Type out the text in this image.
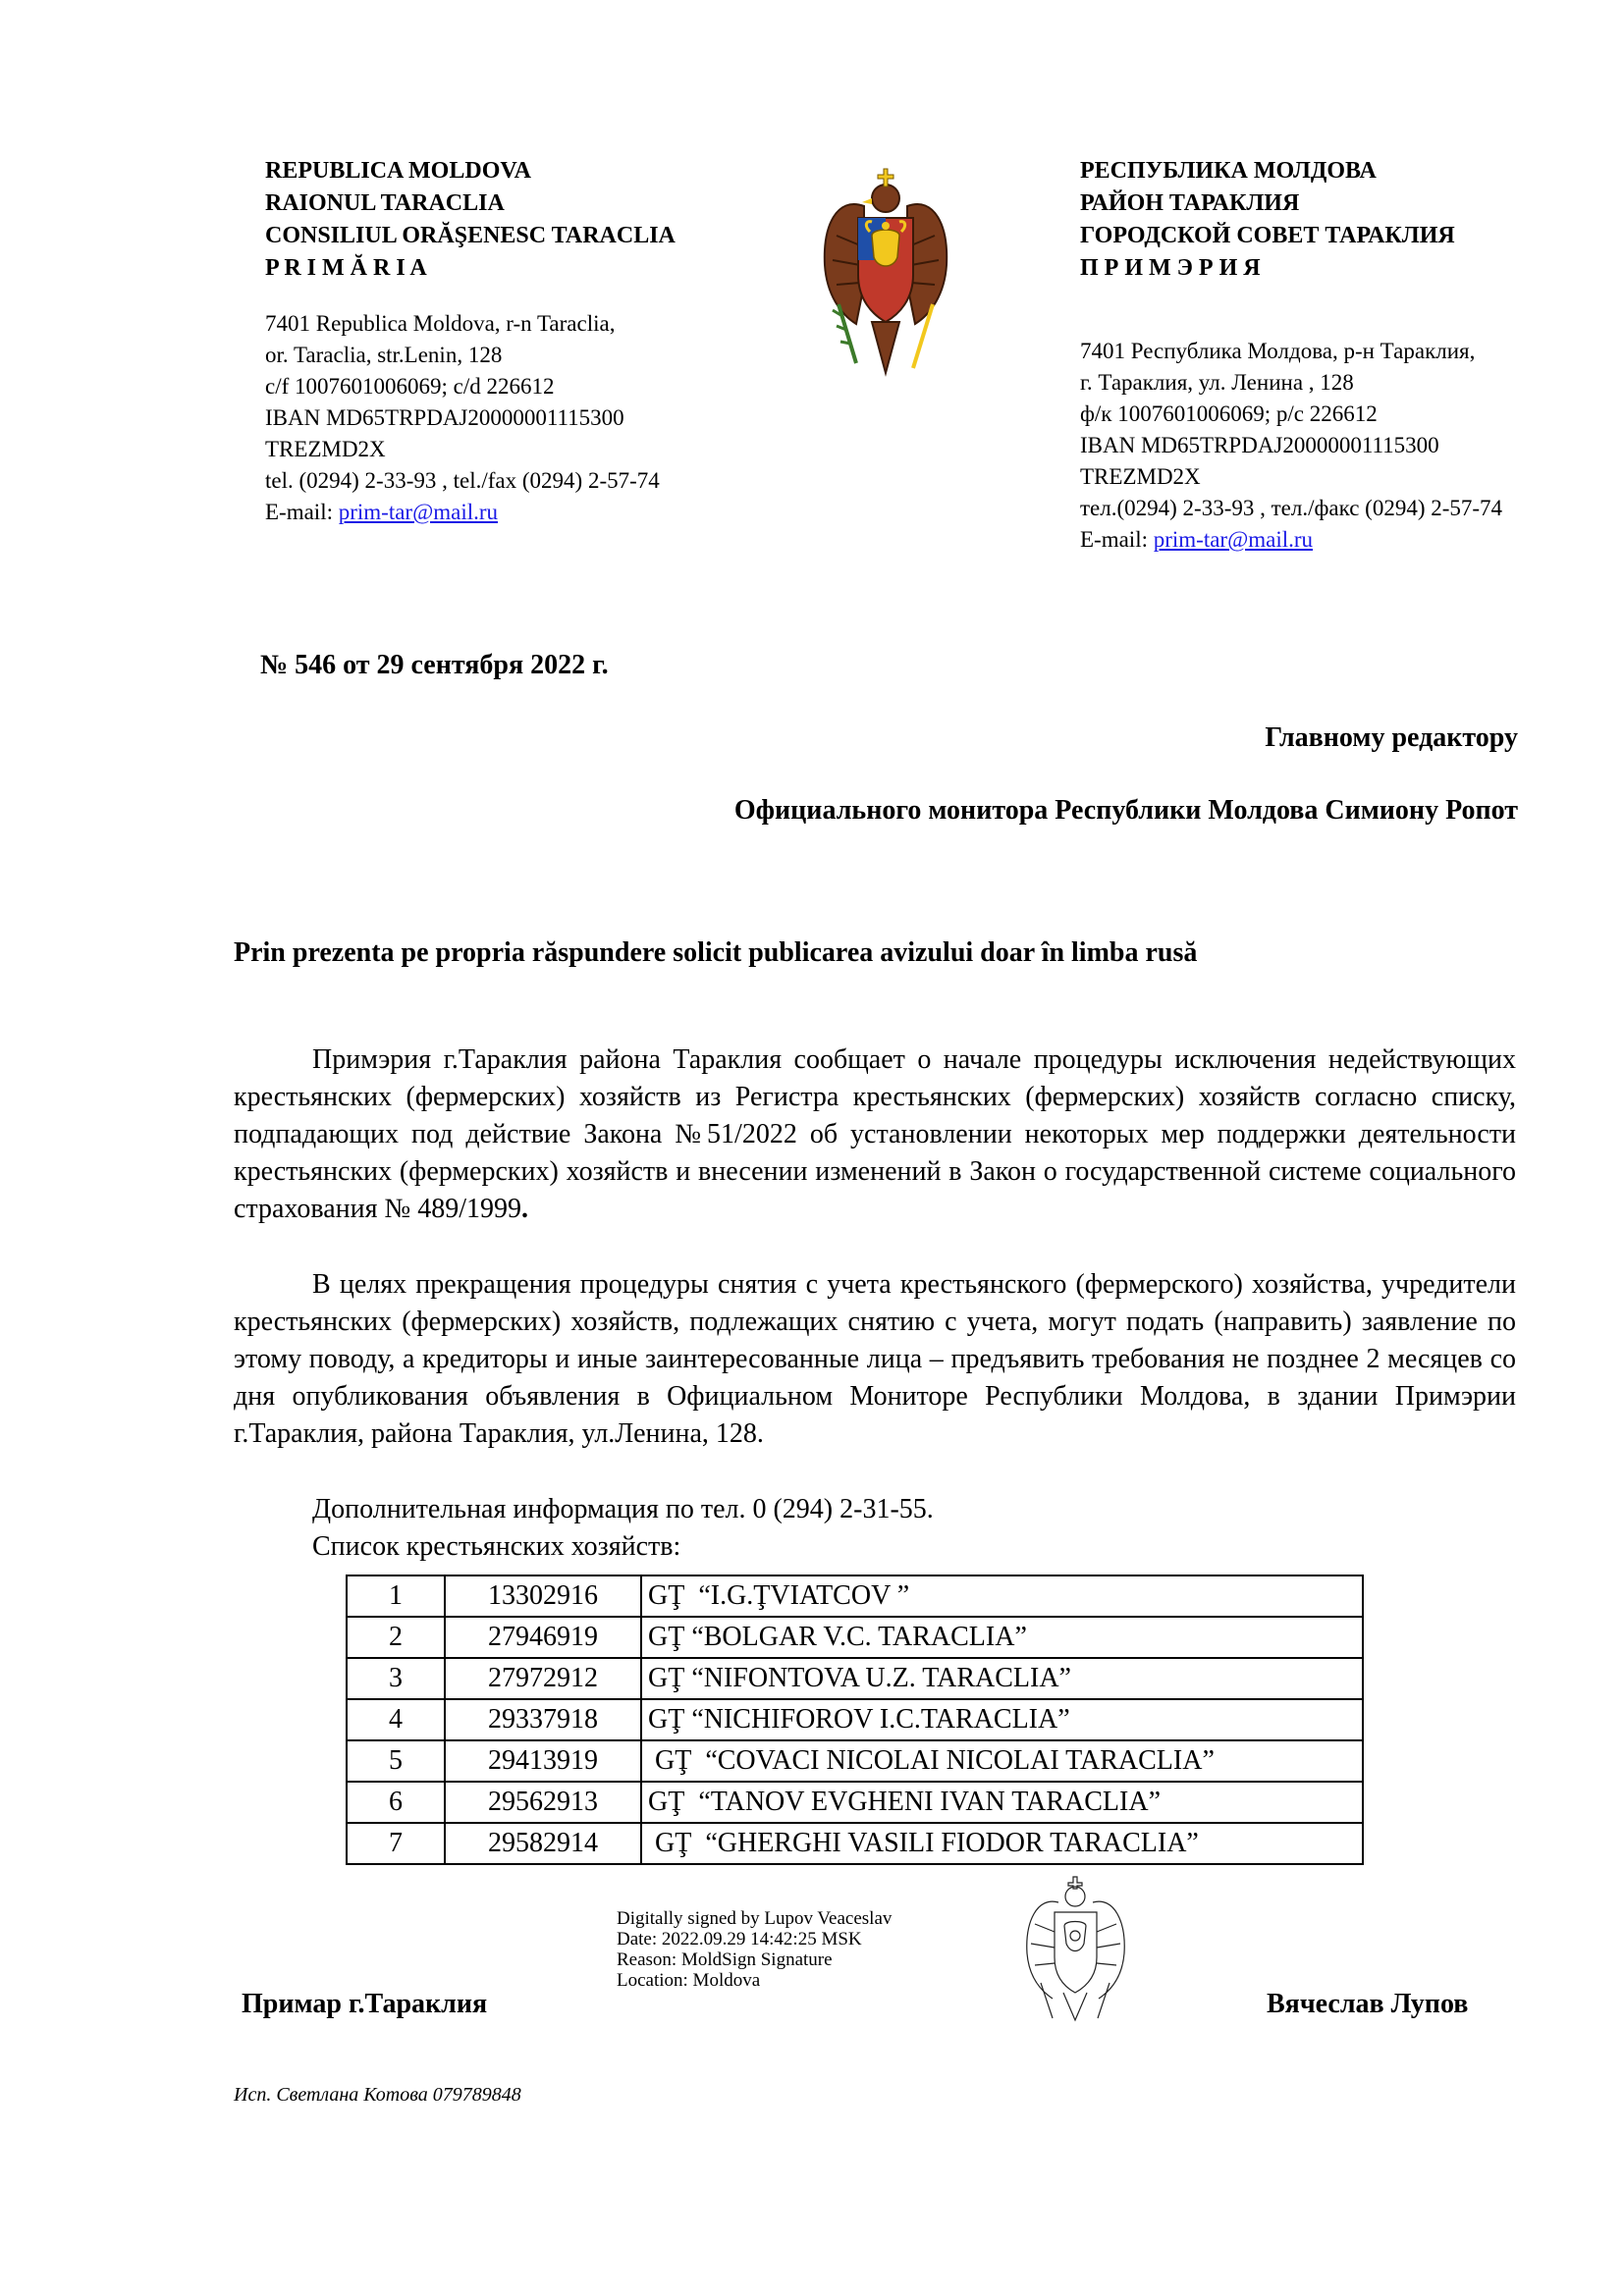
REPUBLICA MOLDOVA
RAIONUL TARACLIA
CONSILIUL ORĂŞENESC TARACLIA
P R I M Ă R I A
7401 Republica Moldova, r-n Taraclia,
or. Taraclia, str.Lenin, 128
c/f 1007601006069; c/d 226612
IBAN MD65TRPDAJ20000001115300
TREZMD2X
tel. (0294) 2-33-93 , tel./fax (0294) 2-57-74
E-mail: prim-tar@mail.ru
РЕСПУБЛИКА МОЛДОВА
РАЙОН ТАРАКЛИЯ
ГОРОДСКОЙ СОВЕТ ТАРАКЛИЯ
П Р И М Э Р И Я
7401 Республика Молдова, р-н Тараклия,
г. Тараклия, ул. Ленина , 128
ф/к 1007601006069; р/с 226612
IBAN MD65TRPDAJ20000001115300
TREZMD2X
тел.(0294) 2-33-93 , тел./факс (0294) 2-57-74
E-mail: prim-tar@mail.ru
№ 546 от 29 сентября 2022 г.
Главному редактору
Официального монитора Республики Молдова Симиону Ропот
Prin prezenta pe propria răspundere solicit publicarea avizului doar în limba rusă
Примэрия г.Тараклия района Тараклия сообщает о начале процедуры исключения недействующих крестьянских (фермерских) хозяйств из Регистра крестьянских (фермерских) хозяйств согласно списку, подпадающих под действие Закона №51/2022 об установлении некоторых мер поддержки деятельности крестьянских (фермерских) хозяйств и внесении изменений в Закон о государственной системе социального страхования № 489/1999.
В целях прекращения процедуры снятия с учета крестьянского (фермерского) хозяйства, учредители крестьянских (фермерских) хозяйств, подлежащих снятию с учета, могут подать (направить) заявление по этому поводу, а кредиторы и иные заинтересованные лица – предъявить требования не позднее 2 месяцев со дня опубликования объявления в Официальном Мониторе Республики Молдова, в здании Примэрии г.Тараклия, района Тараклия, ул.Ленина, 128.
Дополнительная информация по тел. 0 (294) 2-31-55.
Список крестьянских хозяйств:
1	13302916	GŢ  “I.G.ŢVIATCOV ”
2	27946919	GŢ “BOLGAR V.C. TARACLIA”
3	27972912	GŢ “NIFONTOVA U.Z. TARACLIA”
4	29337918	GŢ “NICHIFOROV I.C.TARACLIA”
5	29413919	GŢ  “COVACI NICOLAI NICOLAI TARACLIA”
6	29562913	GŢ  “TANOV EVGHENI IVAN TARACLIA”
7	29582914	GŢ  “GHERGHI VASILI FIODOR TARACLIA”
Digitally signed by Lupov Veaceslav
Date: 2022.09.29 14:42:25 MSK
Reason: MoldSign Signature
Location: Moldova
Примар г.Тараклия	Вячеслав Лупов
Исп. Светлана Котова 079789848
